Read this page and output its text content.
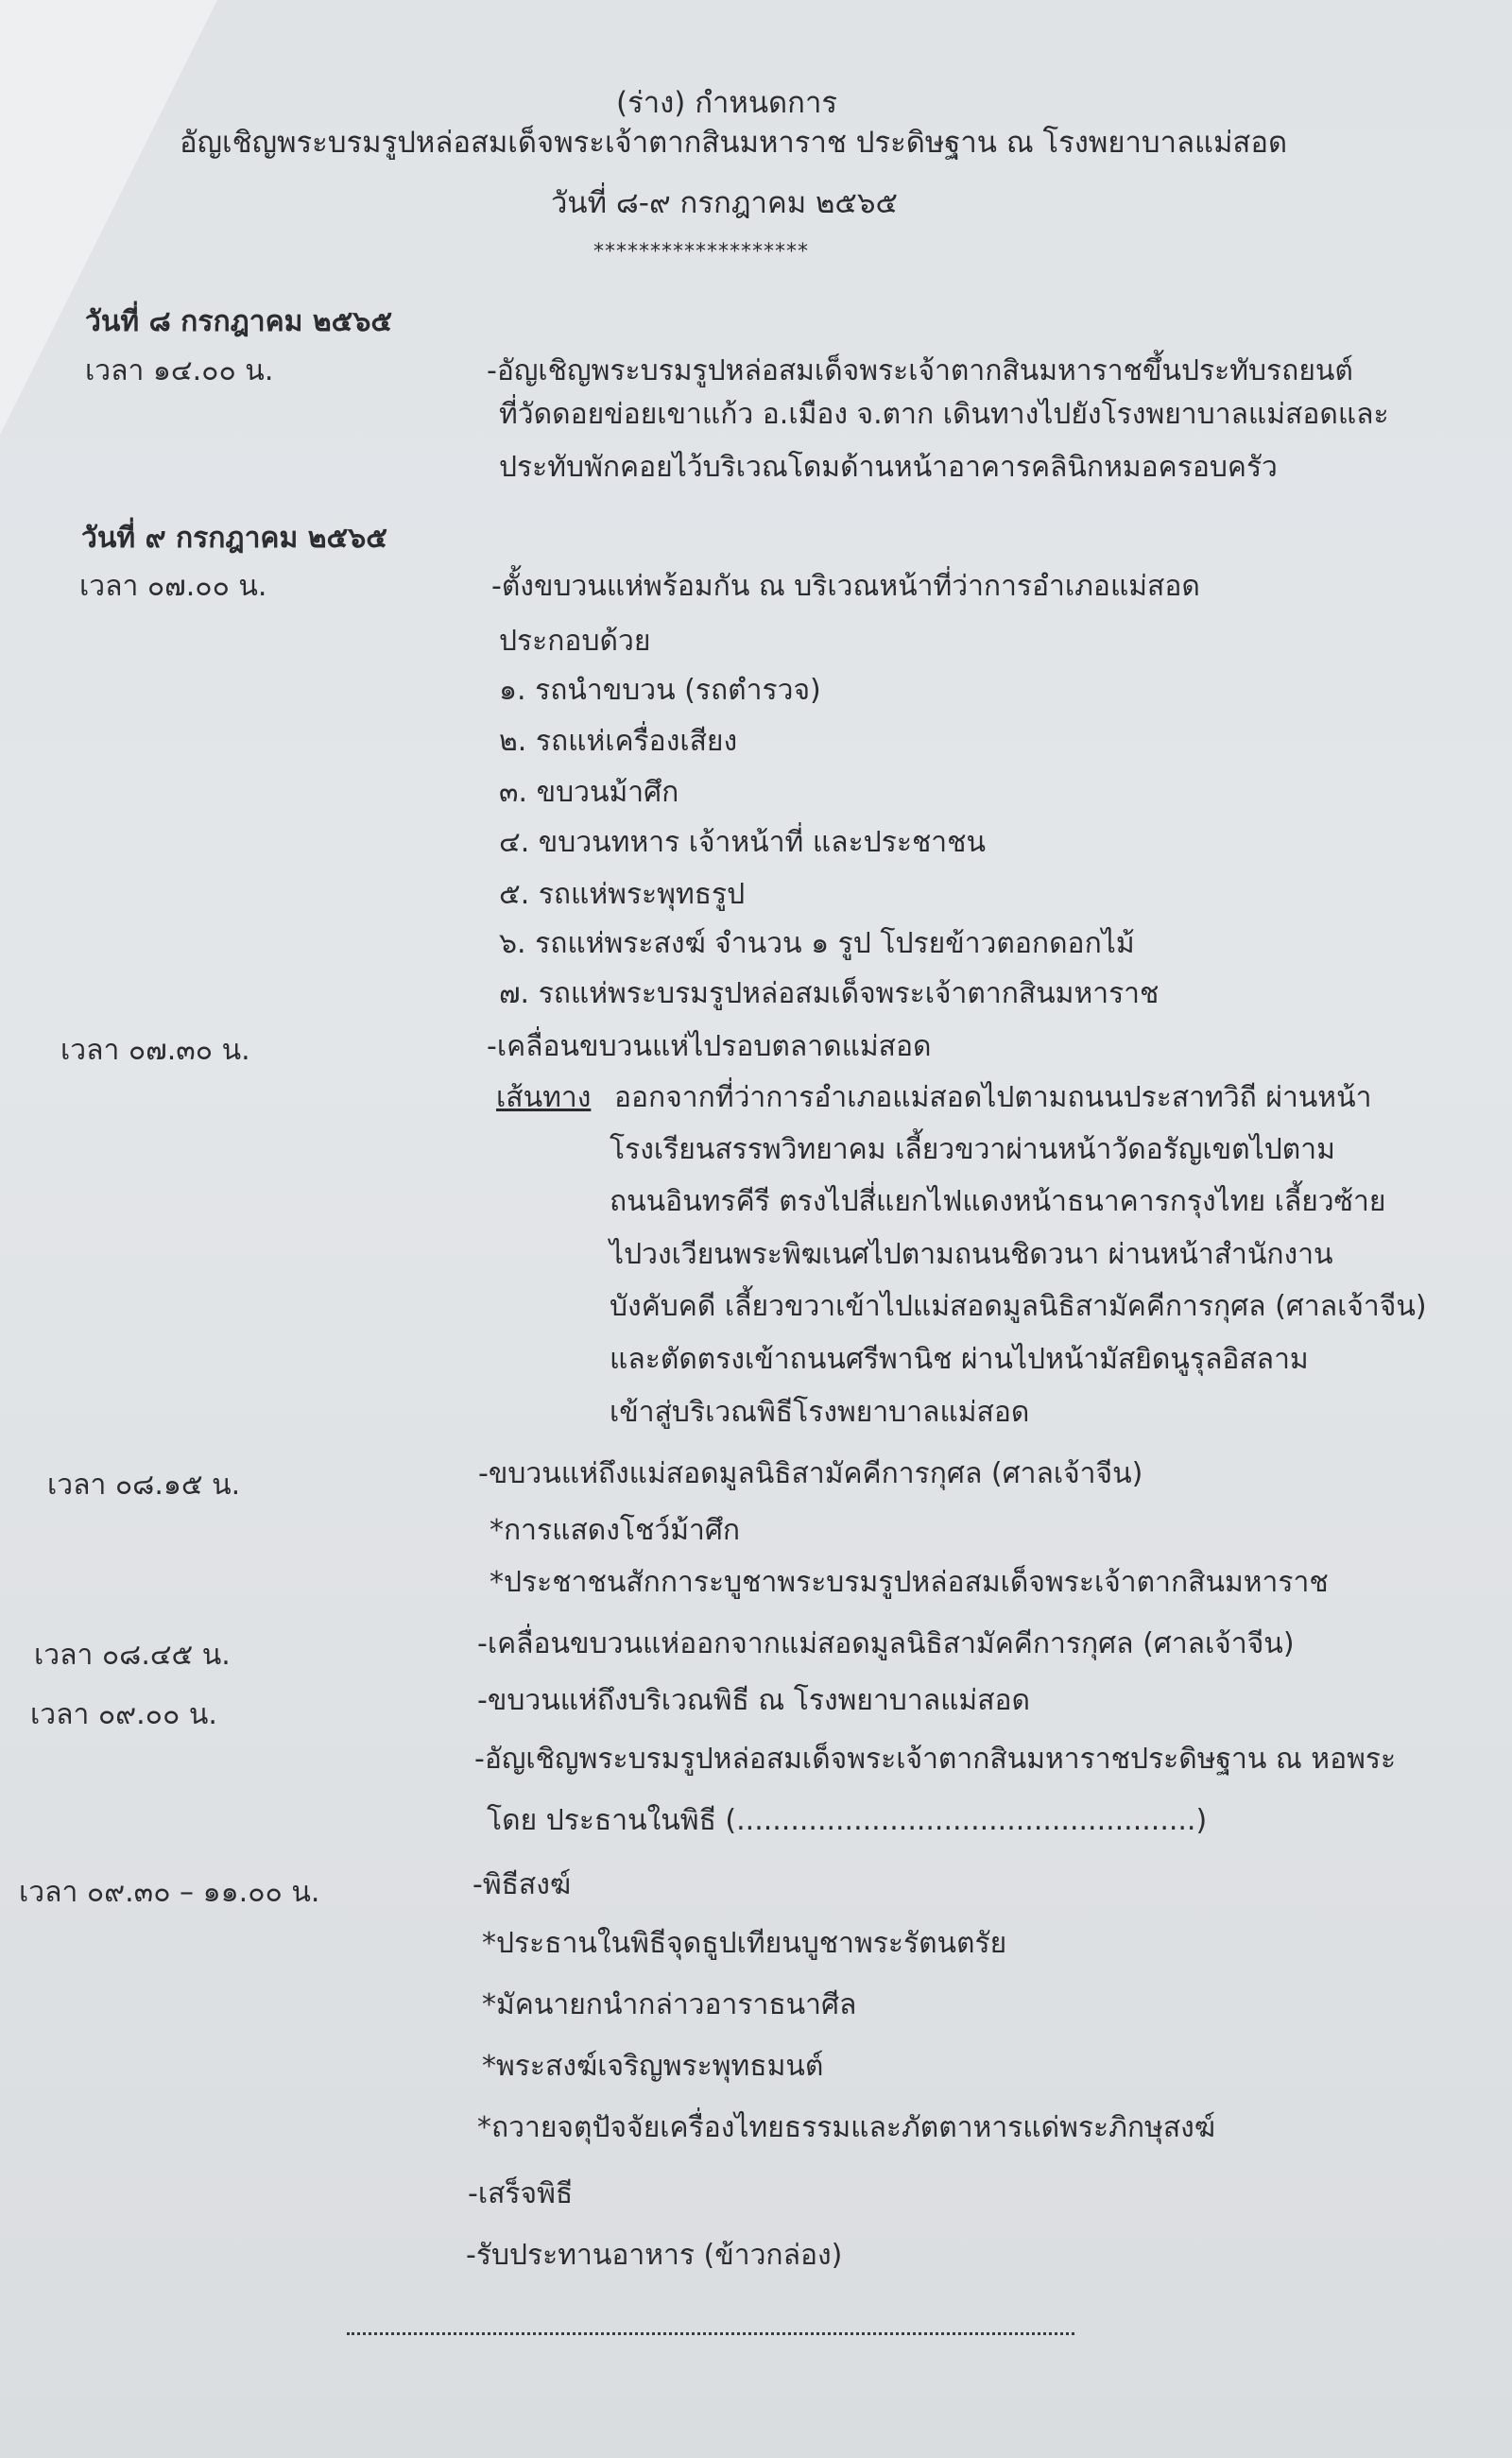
(ร่าง) กำหนดการ
อัญเชิญพระบรมรูปหล่อสมเด็จพระเจ้าตากสินมหาราช ประดิษฐาน ณ โรงพยาบาลแม่สอด
วันที่ ๘-๙ กรกฎาคม ๒๕๖๕
*******************
วันที่ ๘ กรกฎาคม ๒๕๖๕
เวลา ๑๔.๐๐ น.	-อัญเชิญพระบรมรูปหล่อสมเด็จพระเจ้าตากสินมหาราชขึ้นประทับรถยนต์
ที่วัดดอยข่อยเขาแก้ว อ.เมือง จ.ตาก เดินทางไปยังโรงพยาบาลแม่สอดและ
ประทับพักคอยไว้บริเวณโดมด้านหน้าอาคารคลินิกหมอครอบครัว
วันที่ ๙ กรกฎาคม ๒๕๖๕
เวลา ๐๗.๐๐ น.	-ตั้งขบวนแห่พร้อมกัน ณ บริเวณหน้าที่ว่าการอำเภอแม่สอด
ประกอบด้วย
๑. รถนำขบวน (รถตำรวจ)
๒. รถแห่เครื่องเสียง
๓. ขบวนม้าศึก
๔. ขบวนทหาร เจ้าหน้าที่ และประชาชน
๕. รถแห่พระพุทธรูป
๖. รถแห่พระสงฆ์ จำนวน ๑ รูป โปรยข้าวตอกดอกไม้
๗. รถแห่พระบรมรูปหล่อสมเด็จพระเจ้าตากสินมหาราช
เวลา ๐๗.๓๐ น.	-เคลื่อนขบวนแห่ไปรอบตลาดแม่สอด
เส้นทาง ออกจากที่ว่าการอำเภอแม่สอดไปตามถนนประสาทวิถี ผ่านหน้า
โรงเรียนสรรพวิทยาคม เลี้ยวขวาผ่านหน้าวัดอรัญเขตไปตาม
ถนนอินทรคีรี ตรงไปสี่แยกไฟแดงหน้าธนาคารกรุงไทย เลี้ยวซ้าย
ไปวงเวียนพระพิฆเนศไปตามถนนชิดวนา ผ่านหน้าสำนักงาน
บังคับคดี เลี้ยวขวาเข้าไปแม่สอดมูลนิธิสามัคคีการกุศล (ศาลเจ้าจีน)
และตัดตรงเข้าถนนศรีพานิช ผ่านไปหน้ามัสยิดนูรุลอิสลาม
เข้าสู่บริเวณพิธีโรงพยาบาลแม่สอด
เวลา ๐๘.๑๕ น.	-ขบวนแห่ถึงแม่สอดมูลนิธิสามัคคีการกุศล (ศาลเจ้าจีน)
*การแสดงโชว์ม้าศึก
*ประชาชนสักการะบูชาพระบรมรูปหล่อสมเด็จพระเจ้าตากสินมหาราช
เวลา ๐๘.๔๕ น.	-เคลื่อนขบวนแห่ออกจากแม่สอดมูลนิธิสามัคคีการกุศล (ศาลเจ้าจีน)
เวลา ๐๙.๐๐ น.	-ขบวนแห่ถึงบริเวณพิธี ณ โรงพยาบาลแม่สอด
-อัญเชิญพระบรมรูปหล่อสมเด็จพระเจ้าตากสินมหาราชประดิษฐาน ณ หอพระ
โดย ประธานในพิธี (...................................................)
เวลา ๐๙.๓๐ – ๑๑.๐๐ น.	-พิธีสงฆ์
*ประธานในพิธีจุดธูปเทียนบูชาพระรัตนตรัย
*มัคนายกนำกล่าวอาราธนาศีล
*พระสงฆ์เจริญพระพุทธมนต์
*ถวายจตุปัจจัยเครื่องไทยธรรมและภัตตาหารแด่พระภิกษุสงฆ์
-เสร็จพิธี
-รับประทานอาหาร (ข้าวกล่อง)
